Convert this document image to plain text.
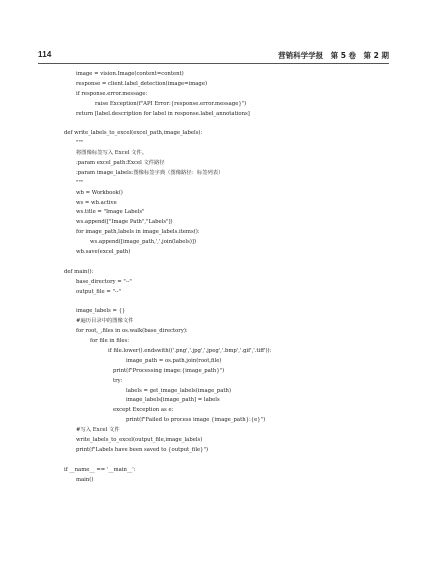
114	营销科学学报　第 5 卷　第 2 期
image = vision.Image(content=content)
response = client.label_detection(image=image)
if response.error.message:
raise Exception(f"API Error:{response.error.message}")
return [label.description for label in response.label_annotations]
def write_labels_to_excel(excel_path,image_labels):
"""
将图像标签写入 Excel 文件。
:param excel_path:Excel 文件路径
:param image_labels:图像标签字典（图像路径：标签列表）
"""
wb = Workbook()
ws = wb.active
ws.title = "Image Labels"
ws.append(["Image Path","Labels"])
for image_path,labels in image_labels.items():
ws.append([image_path,','.join(labels)])
wb.save(excel_path)
def main():
base_directory = "--"
output_file = "--"
image_labels = {}
#遍历目录中的图像文件
for root,_,files in os.walk(base_directory):
for file in files:
if file.lower().endswith(('.png','.jpg','.jpeg','.bmp','.gif','.tiff')):
image_path = os.path.join(root,file)
print(f"Processing image:{image_path}")
try:
labels = get_image_labels(image_path)
image_labels[image_path] = labels
except Exception as e:
print(f"Failed to process image {image_path}:{e}")
#写入 Excel 文件
write_labels_to_excel(output_file,image_labels)
print(f"Labels have been saved to {output_file}")
if __name__ == '__main__':
main()
